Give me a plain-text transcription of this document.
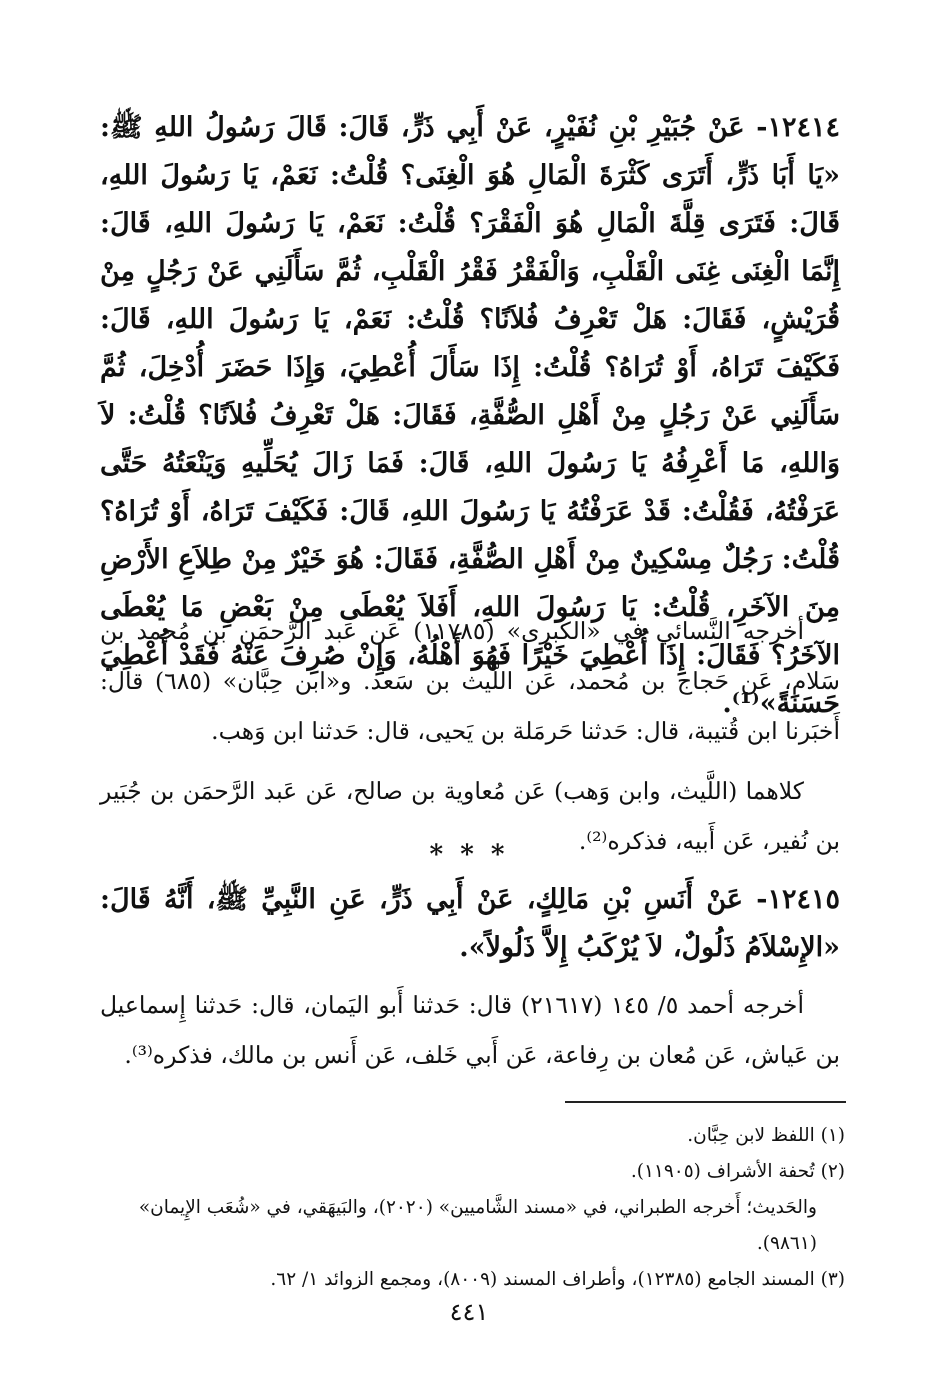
١٢٤١٤- عَنْ جُبَيْرِ بْنِ نُفَيْرٍ، عَنْ أَبِي ذَرٍّ، قَالَ: قَالَ رَسُولُ اللهِ ﷺ: «يَا أَبَا ذَرٍّ، أَتَرَى كَثْرَةَ الْمَالِ هُوَ الْغِنَى؟ قُلْتُ: نَعَمْ، يَا رَسُولَ اللهِ، قَالَ: فَتَرَى قِلَّةَ الْمَالِ هُوَ الْفَقْرَ؟ قُلْتُ: نَعَمْ، يَا رَسُولَ اللهِ، قَالَ: إِنَّمَا الْغِنَى غِنَى الْقَلْبِ، وَالْفَقْرُ فَقْرُ الْقَلْبِ، ثُمَّ سَأَلَنِي عَنْ رَجُلٍ مِنْ قُرَيْشٍ، فَقَالَ: هَلْ تَعْرِفُ فُلاَنًا؟ قُلْتُ: نَعَمْ، يَا رَسُولَ اللهِ، قَالَ: فَكَيْفَ تَرَاهُ، أَوْ تُرَاهُ؟ قُلْتُ: إِذَا سَأَلَ أُعْطِيَ، وَإِذَا حَضَرَ أُدْخِلَ، ثُمَّ سَأَلَنِي عَنْ رَجُلٍ مِنْ أَهْلِ الصُّفَّةِ، فَقَالَ: هَلْ تَعْرِفُ فُلاَنًا؟ قُلْتُ: لاَ وَاللهِ، مَا أَعْرِفُهُ يَا رَسُولَ اللهِ، قَالَ: فَمَا زَالَ يُحَلِّيهِ وَيَنْعَتُهُ حَتَّى عَرَفْتُهُ، فَقُلْتُ: قَدْ عَرَفْتُهُ يَا رَسُولَ اللهِ، قَالَ: فَكَيْفَ تَرَاهُ، أَوْ تُرَاهُ؟ قُلْتُ: رَجُلٌ مِسْكِينٌ مِنْ أَهْلِ الصُّفَّةِ، فَقَالَ: هُوَ خَيْرٌ مِنْ طِلاَعِ الأَرْضِ مِنَ الآخَرِ، قُلْتُ: يَا رَسُولَ اللهِ، أَفَلاَ يُعْطَى مِنْ بَعْضِ مَا يُعْطَى الآخَرُ؟ فَقَالَ: إِذَا أُعْطِيَ خَيْرًا فَهُوَ أَهْلُهُ، وَإِنْ صُرِفَ عَنْهُ فَقَدْ أُعْطِيَ حَسَنَةً»⁽¹⁾.

أخرجه النَّسائي في «الكُبرى» (١١٧٨٥) عَن عَبد الرَّحمَن بن مُحمد بن سَلام، عَن حَجاج بن مُحمد، عَن اللَّيث بن سَعد. و«ابن حِبَّان» (٦٨٥) قال: أَخبَرنا ابن قُتيبة، قال: حَدثنا حَرمَلة بن يَحيى، قال: حَدثنا ابن وَهب.

كلاهما (اللَّيث، وابن وَهب) عَن مُعاوية بن صالح، عَن عَبد الرَّحمَن بن جُبَير بن نُفير، عَن أَبيه، فذكره⁽²⁾.

* * *

١٢٤١٥- عَنْ أَنَسِ بْنِ مَالِكٍ، عَنْ أَبِي ذَرٍّ، عَنِ النَّبِيِّ ﷺ، أَنَّهُ قَالَ: «الإِسْلاَمُ ذَلُولٌ، لاَ يُرْكَبُ إِلاَّ ذَلُولاً».

أخرجه أحمد ٥/ ١٤٥ (٢١٦١٧) قال: حَدثنا أَبو اليَمان، قال: حَدثنا إِسماعيل بن عَياش، عَن مُعان بن رِفاعة، عَن أَبي خَلف، عَن أَنس بن مالك، فذكره⁽³⁾.

(١) اللفظ لابن حِبَّان.

(٢) تُحفة الأشراف (١١٩٠٥).

والحَديث؛ أَخرجه الطبراني، في «مسند الشَّاميين» (٢٠٢٠)، والبَيهَقي، في «شُعَب الإِيمان» (٩٨٦١).

(٣) المسند الجامع (١٢٣٨٥)، وأطراف المسند (٨٠٠٩)، ومجمع الزوائد ١/ ٦٢.

٤٤١
